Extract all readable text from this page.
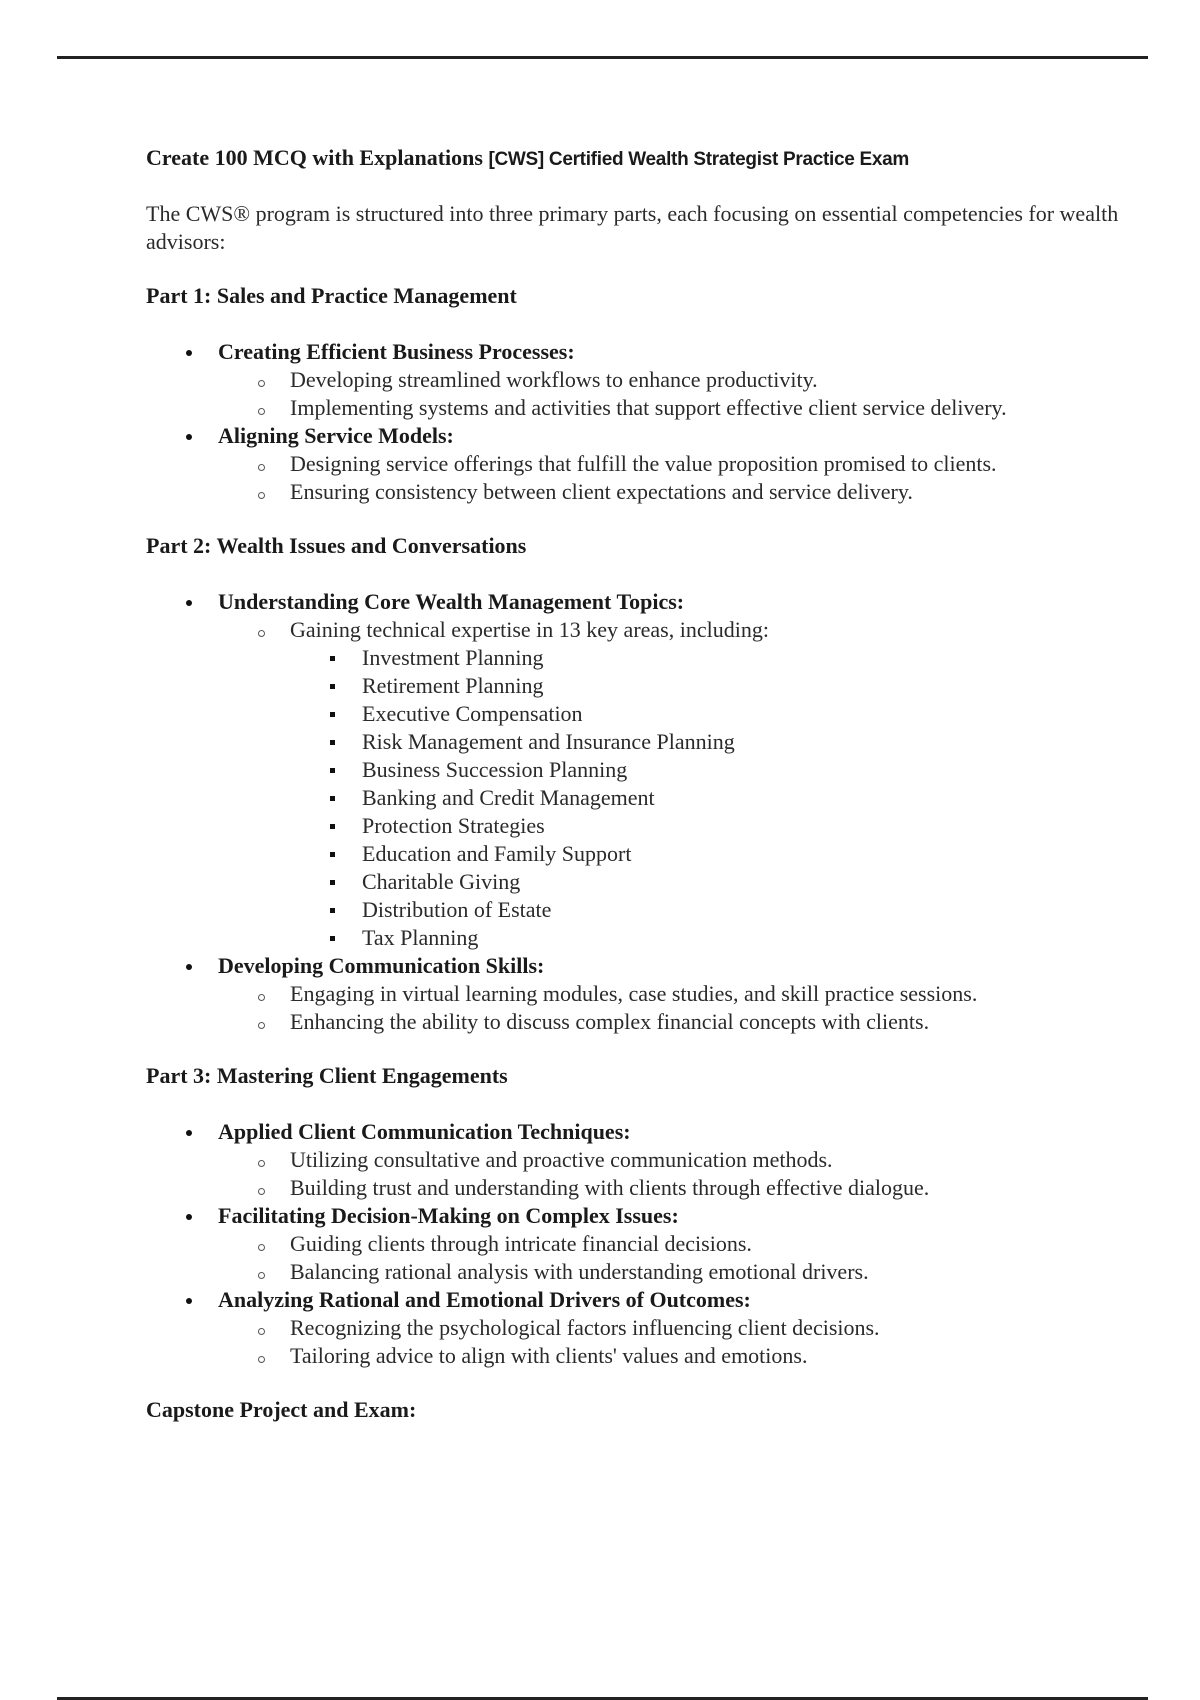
Create 100 MCQ with Explanations [CWS] Certified Wealth Strategist Practice Exam

The CWS® program is structured into three primary parts, each focusing on essential competencies for wealth advisors:

Part 1: Sales and Practice Management
Creating Efficient Business Processes:
Developing streamlined workflows to enhance productivity.
Implementing systems and activities that support effective client service delivery.
Aligning Service Models:
Designing service offerings that fulfill the value proposition promised to clients.
Ensuring consistency between client expectations and service delivery.
Part 2: Wealth Issues and Conversations
Understanding Core Wealth Management Topics:
Gaining technical expertise in 13 key areas, including:
Investment Planning
Retirement Planning
Executive Compensation
Risk Management and Insurance Planning
Business Succession Planning
Banking and Credit Management
Protection Strategies
Education and Family Support
Charitable Giving
Distribution of Estate
Tax Planning
Developing Communication Skills:
Engaging in virtual learning modules, case studies, and skill practice sessions.
Enhancing the ability to discuss complex financial concepts with clients.
Part 3: Mastering Client Engagements
Applied Client Communication Techniques:
Utilizing consultative and proactive communication methods.
Building trust and understanding with clients through effective dialogue.
Facilitating Decision-Making on Complex Issues:
Guiding clients through intricate financial decisions.
Balancing rational analysis with understanding emotional drivers.
Analyzing Rational and Emotional Drivers of Outcomes:
Recognizing the psychological factors influencing client decisions.
Tailoring advice to align with clients' values and emotions.
Capstone Project and Exam:
